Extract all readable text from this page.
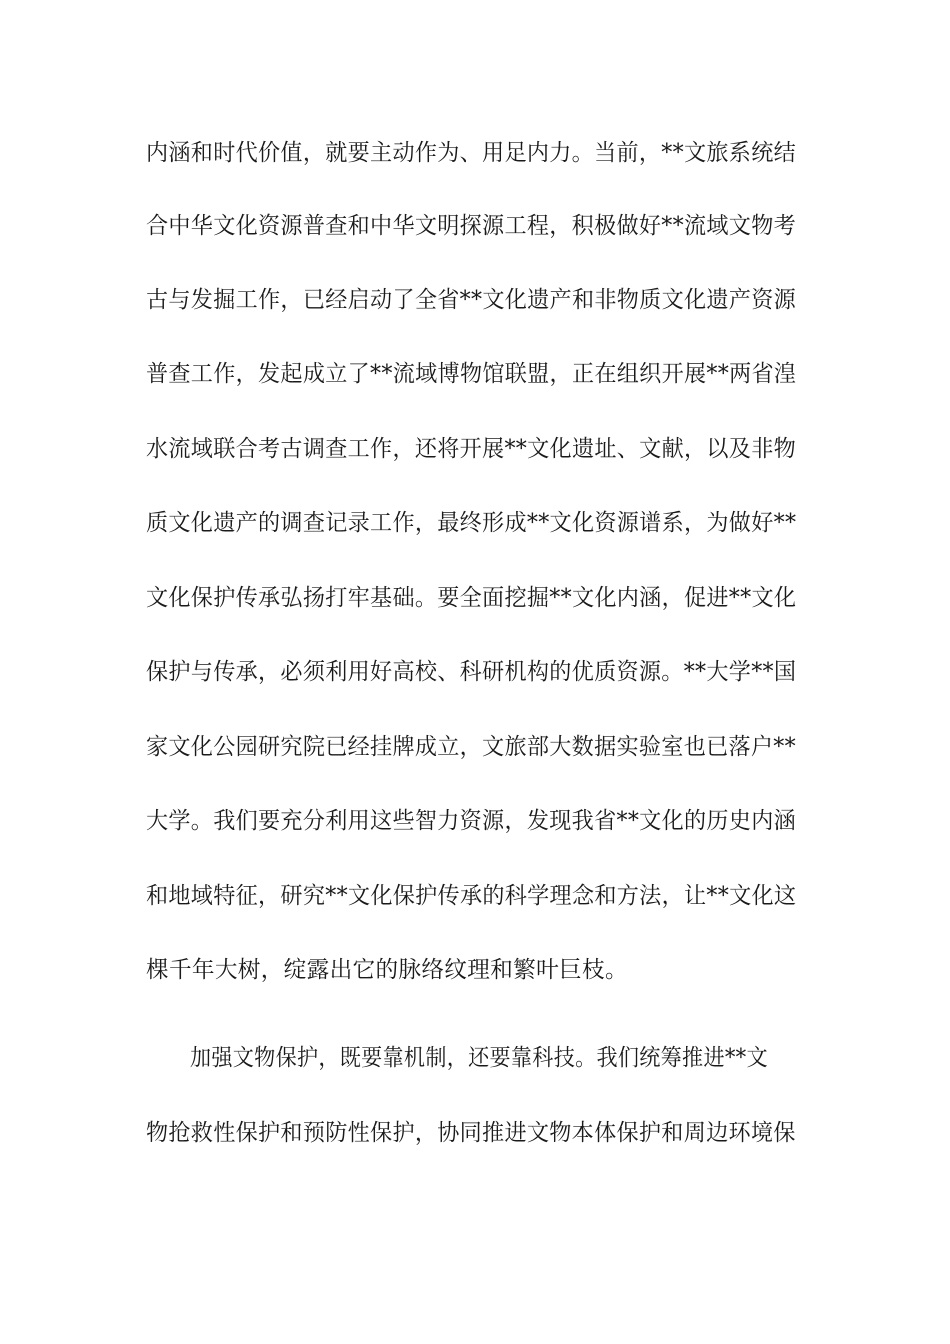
内涵和时代价值，就要主动作为、用足内力。当前，**文旅系统结
合中华文化资源普查和中华文明探源工程，积极做好**流域文物考
古与发掘工作，已经启动了全省**文化遗产和非物质文化遗产资源
普查工作，发起成立了**流域博物馆联盟，正在组织开展**两省湟
水流域联合考古调查工作，还将开展**文化遗址、文献，以及非物
质文化遗产的调查记录工作，最终形成**文化资源谱系，为做好**
文化保护传承弘扬打牢基础。要全面挖掘**文化内涵，促进**文化
保护与传承，必须利用好高校、科研机构的优质资源。**大学**国
家文化公园研究院已经挂牌成立，文旅部大数据实验室也已落户**
大学。我们要充分利用这些智力资源，发现我省**文化的历史内涵
和地域特征，研究**文化保护传承的科学理念和方法，让**文化这
棵千年大树，绽露出它的脉络纹理和繁叶巨枝。
加强文物保护，既要靠机制，还要靠科技。我们统筹推进**文
物抢救性保护和预防性保护，协同推进文物本体保护和周边环境保
